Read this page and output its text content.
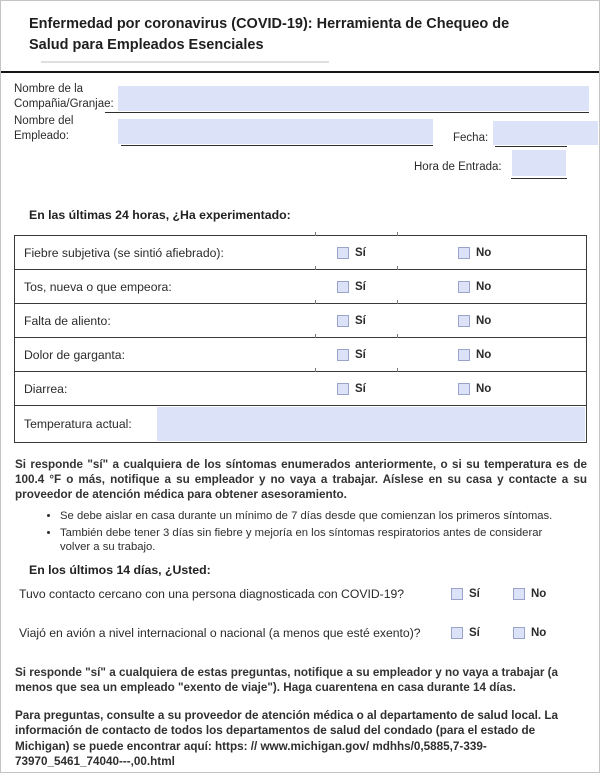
Enfermedad por coronavirus (COVID-19): Herramienta de Chequeo de Salud para Empleados Esenciales
Nombre de la
Compañia/Granjae:
Nombre del
Empleado:	Fecha:
Hora de Entrada:
En las últimas 24 horas, ¿Ha experimentado:
Fiebre subjetiva (se sintió afiebrado):	Sí	No
Tos, nueva o que empeora:	Sí	No
Falta de aliento:	Sí	No
Dolor de garganta:	Sí	No
Diarrea:	Sí	No
Temperatura actual:

Si responde "sí" a cualquiera de los síntomas enumerados anteriormente, o si su temperatura es de 100.4 °F o más, notifique a su empleador y no vaya a trabajar. Aíslese en su casa y contacte a su proveedor de atención médica para obtener asesoramiento.

• Se debe aislar en casa durante un mínimo de 7 días desde que comienzan los primeros síntomas.
• También debe tener 3 días sin fiebre y mejoría en los síntomas respiratorios antes de considerar volver a su trabajo.
En los últimos 14 días, ¿Usted:
Tuvo contacto cercano con una persona diagnosticada con COVID-19?	Sí	No
Viajó en avión a nivel internacional o nacional (a menos que esté exento)?	Sí	No

Si responde "sí" a cualquiera de estas preguntas, notifique a su empleador y no vaya a trabajar (a menos que sea un empleado "exento de viaje"). Haga cuarentena en casa durante 14 días.

Para preguntas, consulte a su proveedor de atención médica o al departamento de salud local. La información de contacto de todos los departamentos de salud del condado (para el estado de Michigan) se puede encontrar aquí: https: // www.michigan.gov/ mdhhs/0,5885,7-339-73970_5461_74040---,00.html
